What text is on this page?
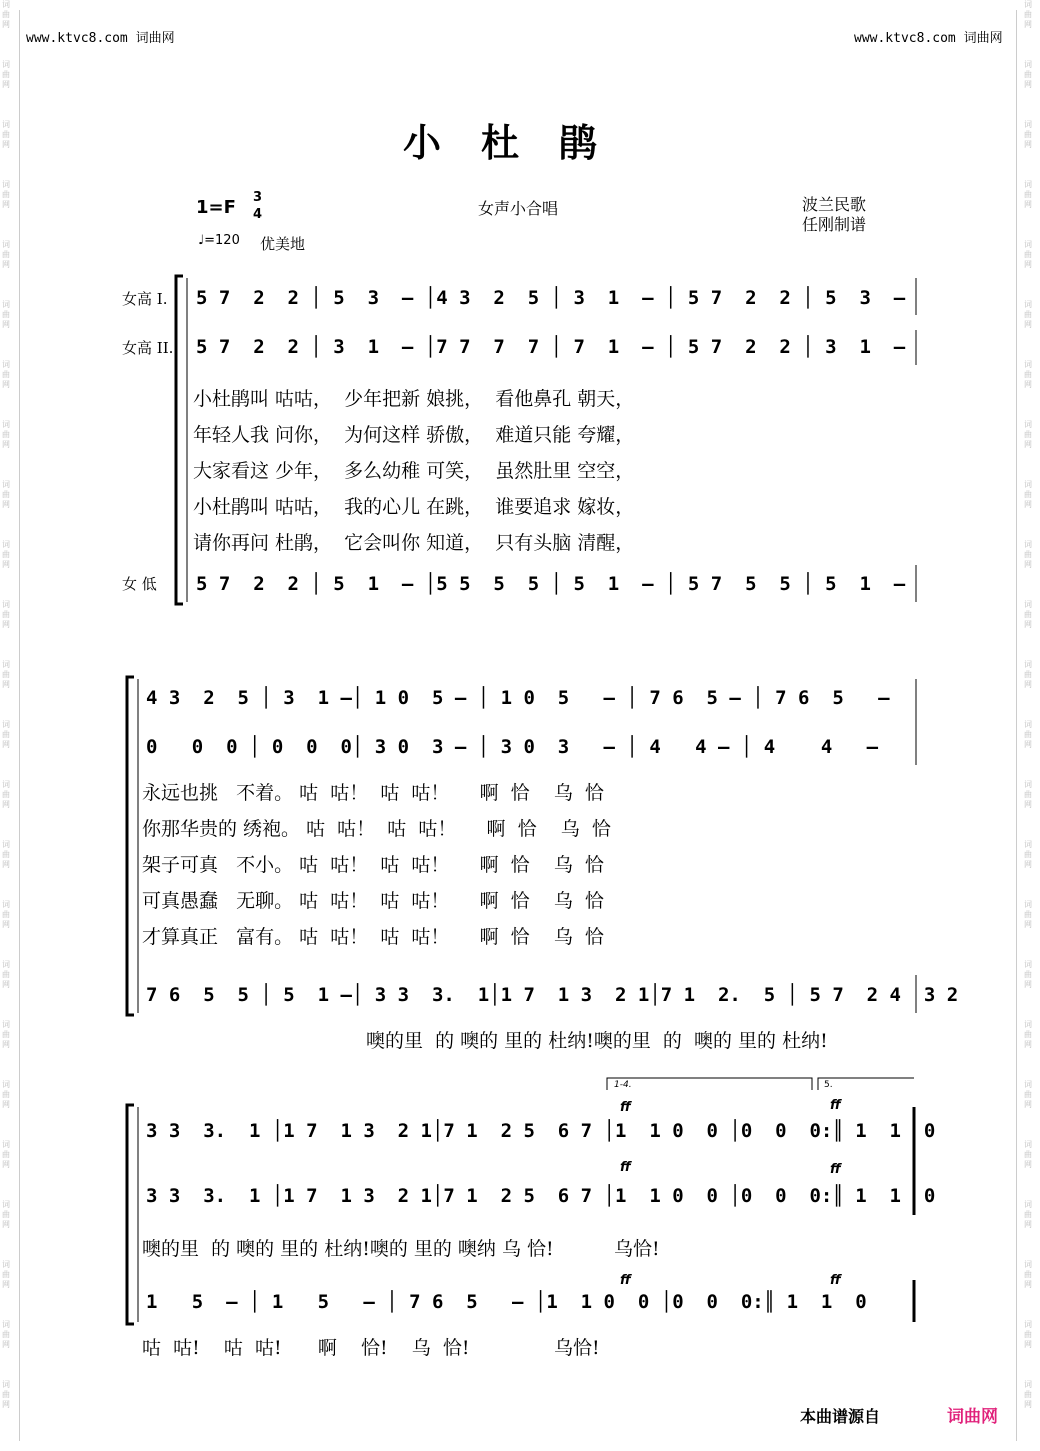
词曲网
词曲网
词曲网
词曲网
词曲网
词曲网
词曲网
词曲网
词曲网
词曲网
词曲网
词曲网
词曲网
词曲网
词曲网
词曲网
词曲网
词曲网
词曲网
词曲网
词曲网
词曲网
词曲网
词曲网
词曲网
词曲网
词曲网
词曲网
词曲网
词曲网
词曲网
词曲网
词曲网
词曲网
词曲网
词曲网
词曲网
词曲网
词曲网
词曲网
词曲网
词曲网
词曲网
词曲网
词曲网
词曲网
词曲网
词曲网
www.ktvc8.com 词曲网	www.ktvc8.com 词曲网
小杜鹃
1=F 3
4
♩=120 优美地
女声小合唱	波兰民歌
任刚制谱
女高 I.
女高 II.
女 低
5 7  2  2 │ 5  3  – │4 3  2  5 │ 3  1  – │ 5 7  2  2 │ 5  3  –
5 7  2  2 │ 3  1  – │7 7  7  7 │ 7  1  – │ 5 7  2  2 │ 3  1  –
小杜鹃叫 咕咕，  少年把新 娘挑，  看他鼻孔 朝天，
年轻人我 问你，  为何这样 骄傲，  难道只能 夸耀，
大家看这 少年，  多么幼稚 可笑，  虽然肚里 空空，
小杜鹃叫 咕咕，  我的心儿 在跳，  谁要追求 嫁妆，
请你再问 杜鹃，  它会叫你 知道，  只有头脑 清醒，
5 7  2  2 │ 5  1  – │5 5  5  5 │ 5  1  – │ 5 7  5  5 │ 5  1  –
4 3  2  5 │ 3  1 –│ 1 0  5 – │ 1 0  5   – │ 7 6  5 – │ 7 6  5   –
0   0  0 │ 0  0  0│ 3 0  3 – │ 3 0  3   – │ 4   4 – │ 4    4   –
永远也挑   不着。 咕  咕！  咕  咕！     啊  恰    乌  恰
你那华贵的 绣袍。 咕  咕！  咕  咕！     啊  恰    乌  恰
架子可真   不小。 咕  咕！  咕  咕！     啊  恰    乌  恰
可真愚蠢   无聊。 咕  咕！  咕  咕！     啊  恰    乌  恰
才算真正   富有。 咕  咕！  咕  咕！     啊  恰    乌  恰
7 6  5  5 │ 5  1 –│ 3 3  3.  1│1 7  1 3  2 1│7 1  2.  5 │ 5 7  2 4  3 2
噢的里  的 噢的 里的 杜纳!噢的里  的  噢的 里的 杜纳!
1-4.	5.
ff	ff
3 3  3.  1 │1 7  1 3  2 1│7 1  2 5  6 7 │1  1 0  0 │0  0  0:║ 1  1  0
ff	ff
3 3  3.  1 │1 7  1 3  2 1│7 1  2 5  6 7 │1  1 0  0 │0  0  0:║ 1  1  0
噢的里  的 噢的 里的 杜纳!噢的 里的 噢纳 乌 恰!          乌恰!
ff	ff
1   5  – │ 1   5   – │ 7 6  5   – │1  1 0  0 │0  0  0:║ 1  1  0
咕  咕!    咕  咕!      啊    恰!    乌  恰!              乌恰!
本曲谱源自	词曲网
